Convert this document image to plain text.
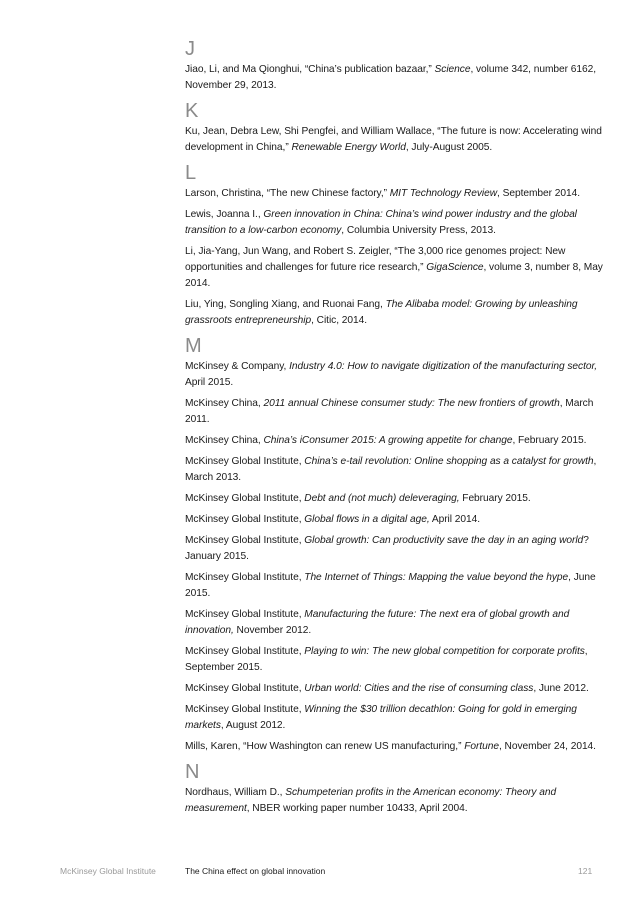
J

Jiao, Li, and Ma Qionghui, “China’s publication bazaar,” Science, volume 342, number 6162, November 29, 2013.

K

Ku, Jean, Debra Lew, Shi Pengfei, and William Wallace, “The future is now: Accelerating wind development in China,” Renewable Energy World, July-August 2005.

L

Larson, Christina, “The new Chinese factory,” MIT Technology Review, September 2014.

Lewis, Joanna I., Green innovation in China: China’s wind power industry and the global transition to a low-carbon economy, Columbia University Press, 2013.

Li, Jia-Yang, Jun Wang, and Robert S. Zeigler, “The 3,000 rice genomes project: New opportunities and challenges for future rice research,” GigaScience, volume 3, number 8, May 2014.

Liu, Ying, Songling Xiang, and Ruonai Fang, The Alibaba model: Growing by unleashing grassroots entrepreneurship, Citic, 2014.

M

McKinsey & Company, Industry 4.0: How to navigate digitization of the manufacturing sector, April 2015.

McKinsey China, 2011 annual Chinese consumer study: The new frontiers of growth, March 2011.

McKinsey China, China’s iConsumer 2015: A growing appetite for change, February 2015.

McKinsey Global Institute, China’s e-tail revolution: Online shopping as a catalyst for growth, March 2013.

McKinsey Global Institute, Debt and (not much) deleveraging, February 2015.

McKinsey Global Institute, Global flows in a digital age, April 2014.

McKinsey Global Institute, Global growth: Can productivity save the day in an aging world? January 2015.

McKinsey Global Institute, The Internet of Things: Mapping the value beyond the hype, June 2015.

McKinsey Global Institute, Manufacturing the future: The next era of global growth and innovation, November 2012.

McKinsey Global Institute, Playing to win: The new global competition for corporate profits, September 2015.

McKinsey Global Institute, Urban world: Cities and the rise of consuming class, June 2012.

McKinsey Global Institute, Winning the $30 trillion decathlon: Going for gold in emerging markets, August 2012.

Mills, Karen, “How Washington can renew US manufacturing,” Fortune, November 24, 2014.

N

Nordhaus, William D., Schumpeterian profits in the American economy: Theory and measurement, NBER working paper number 10433, April 2004.

McKinsey Global Institute	The China effect on global innovation	121
